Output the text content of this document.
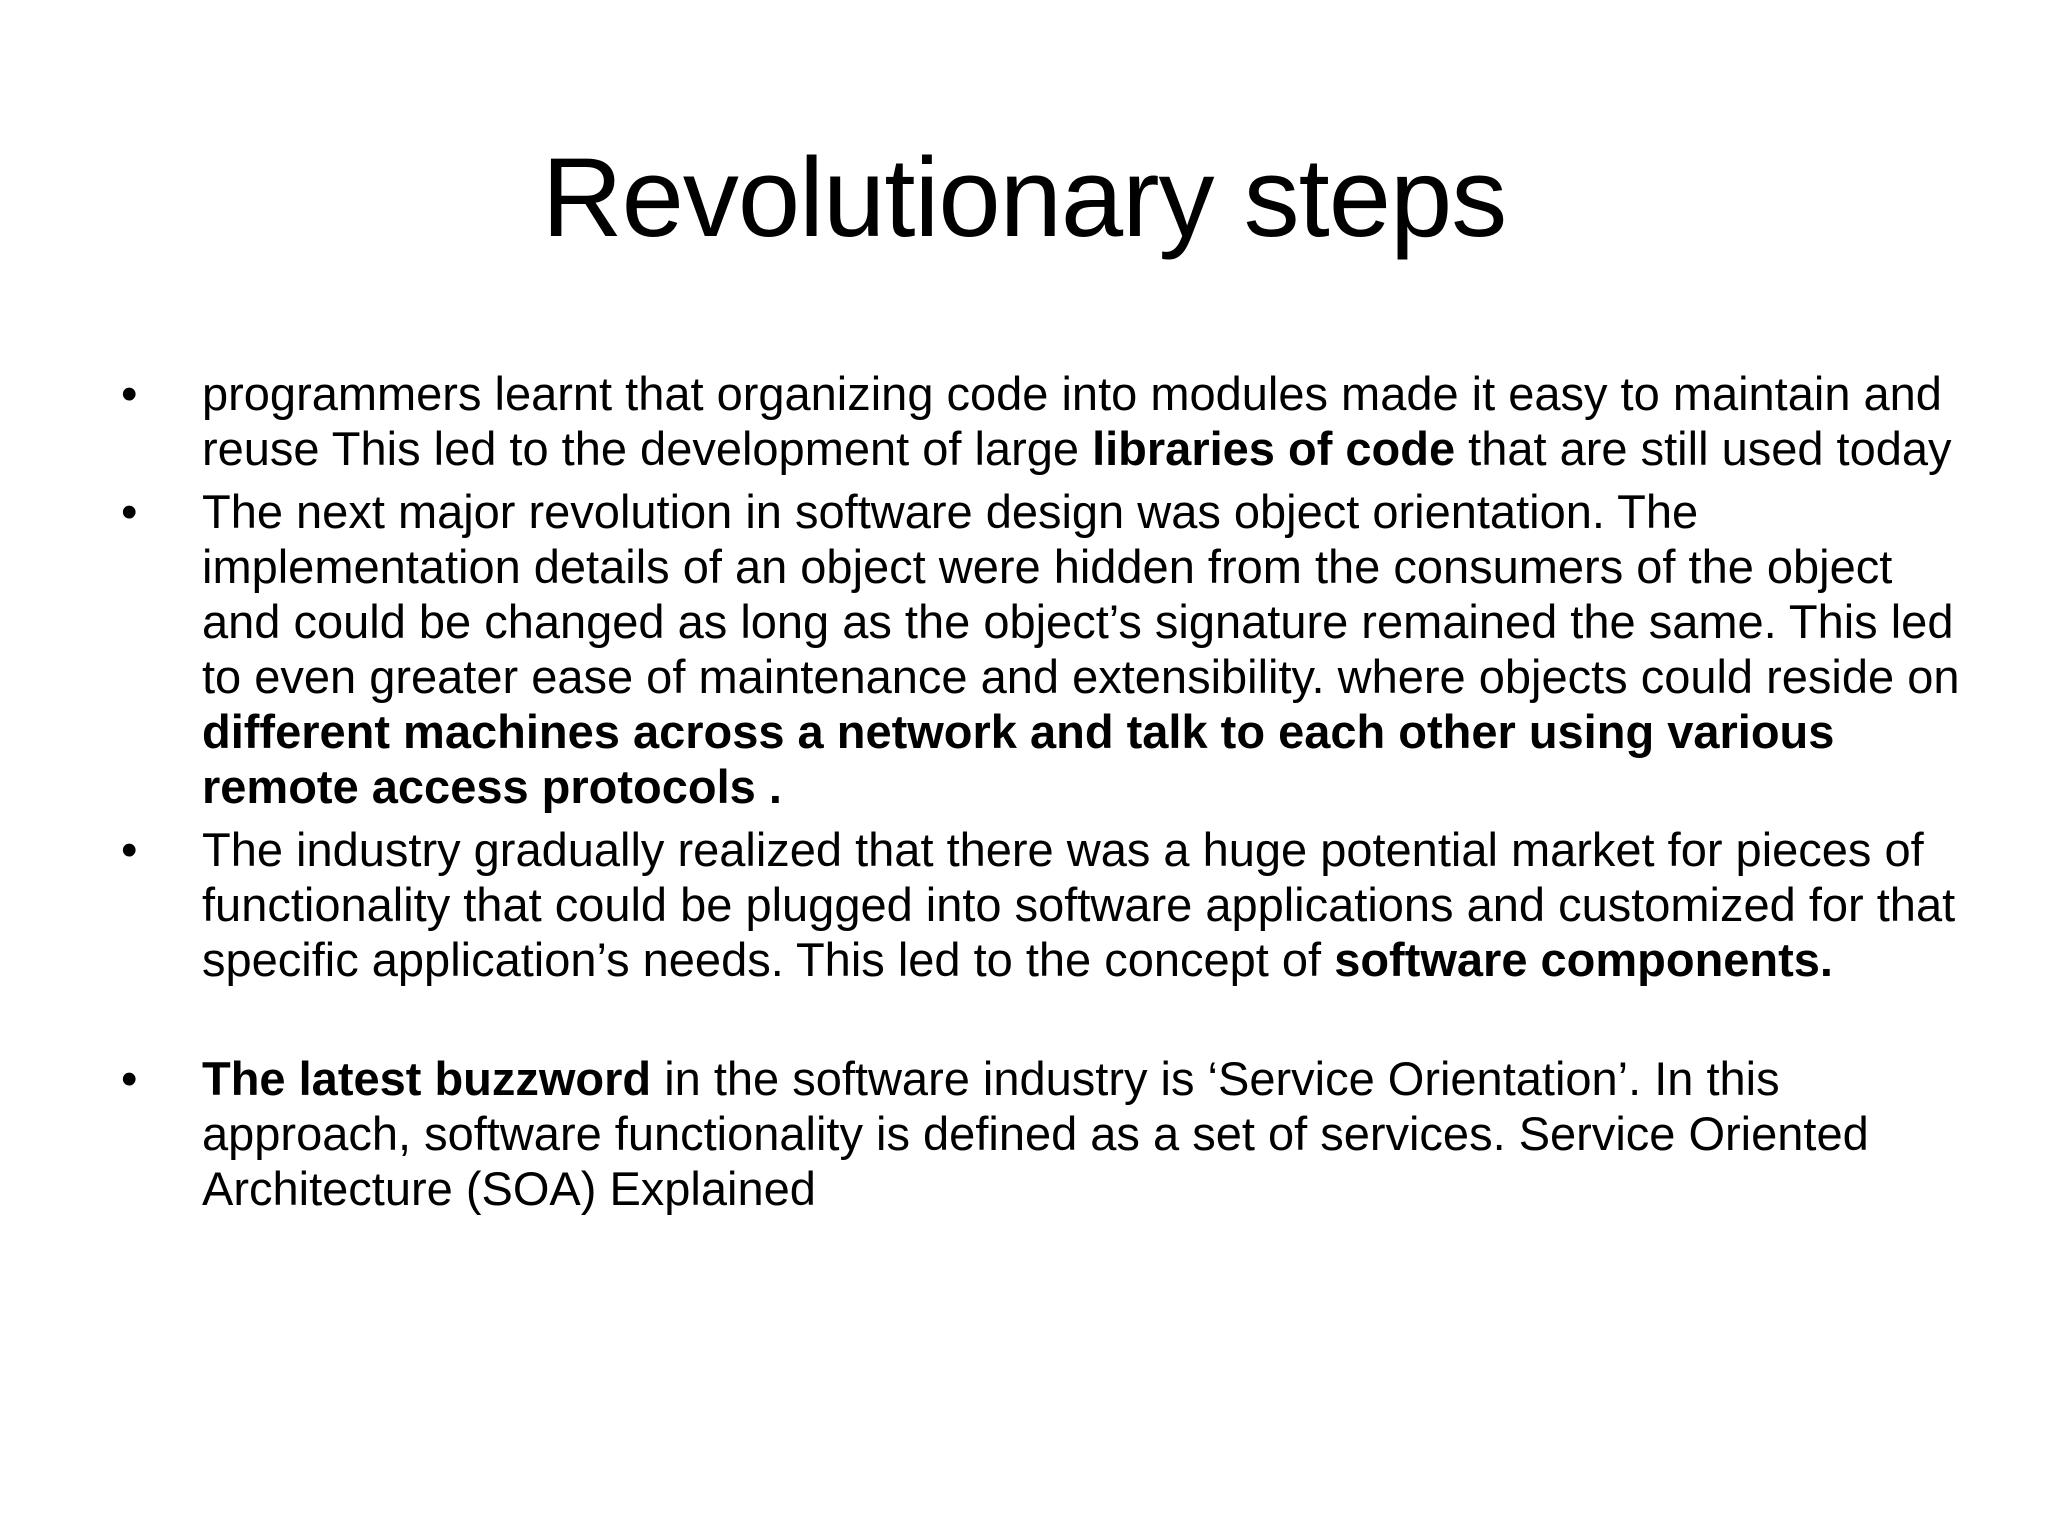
Revolutionary steps
• programmers learnt that organizing code into modules made it easy to maintain and reuse This led to the development of large libraries of code that are still used today
• The next major revolution in software design was object orientation. The implementation details of an object were hidden from the consumers of the object and could be changed as long as the object’s signature remained the same. This led to even greater ease of maintenance and extensibility. where objects could reside on different machines across a network and talk to each other using various remote access protocols .
• The industry gradually realized that there was a huge potential market for pieces of functionality that could be plugged into software applications and customized for that specific application’s needs. This led to the concept of software components.
• The latest buzzword in the software industry is ‘Service Orientation’. In this approach, software functionality is defined as a set of services. Service Oriented Architecture (SOA) Explained
